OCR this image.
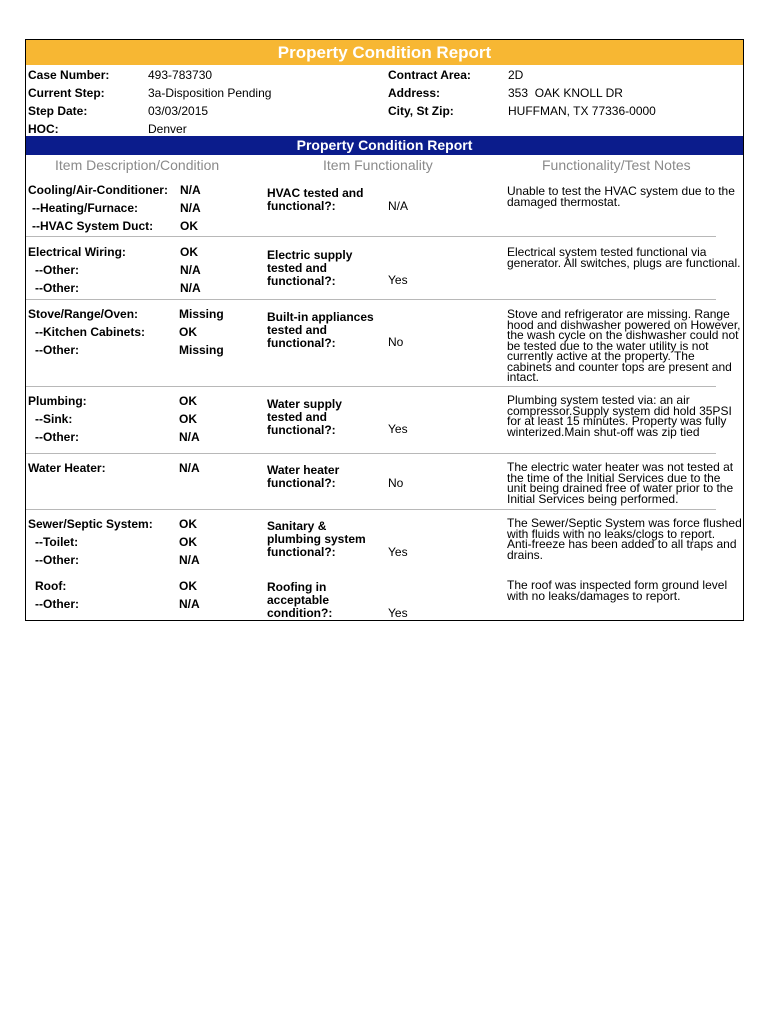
Property Condition Report
Case Number:	493-783730
Current Step:	3a-Disposition Pending
Step Date:	03/03/2015
HOC:	Denver
Contract Area:	2D
Address:	353  OAK KNOLL DR
City, St Zip:	HUFFMAN, TX 77336-0000
Property Condition Report
Item Description/Condition	Item Functionality	Functionality/Test Notes
Cooling/Air-Conditioner: N/A
--Heating/Furnace:	N/A
--HVAC System Duct: OK
HVAC tested and functional?:	N/A
Unable to test the HVAC system due to the damaged thermostat.
Electrical Wiring:	OK
--Other:	N/A
--Other:	N/A
Electric supply tested and functional?:	Yes
Electrical system tested functional via generator. All switches, plugs are functional.
Stove/Range/Oven:	Missing
--Kitchen Cabinets:	OK
--Other:	Missing
Built-in appliances tested and functional?:	No
Stove and refrigerator are missing. Range hood and dishwasher powered on However, the wash cycle on the dishwasher could not be tested due to the water utility is not currently active at the property. The cabinets and counter tops are present and intact.
Plumbing:	OK
--Sink:	OK
--Other:	N/A
Water supply tested and functional?:	Yes
Plumbing system tested via: an air compressor.Supply system did hold 35PSI for at least 15 minutes. Property was fully winterized.Main shut-off was zip tied
Water Heater:	N/A	Water heater functional?:	No
The electric water heater was not tested at the time of the Initial Services due to the unit being drained free of water prior to the Initial Services being performed.
Sewer/Septic System: OK
--Toilet:	OK
--Other:	N/A
Sanitary & plumbing system functional?:	Yes
The Sewer/Septic System was force flushed with fluids with no leaks/clogs to report. Anti-freeze has been added to all traps and drains.
Roof:	OK
--Other:	N/A
Roofing in acceptable condition?:	Yes
The roof was inspected form ground level with no leaks/damages to report.
